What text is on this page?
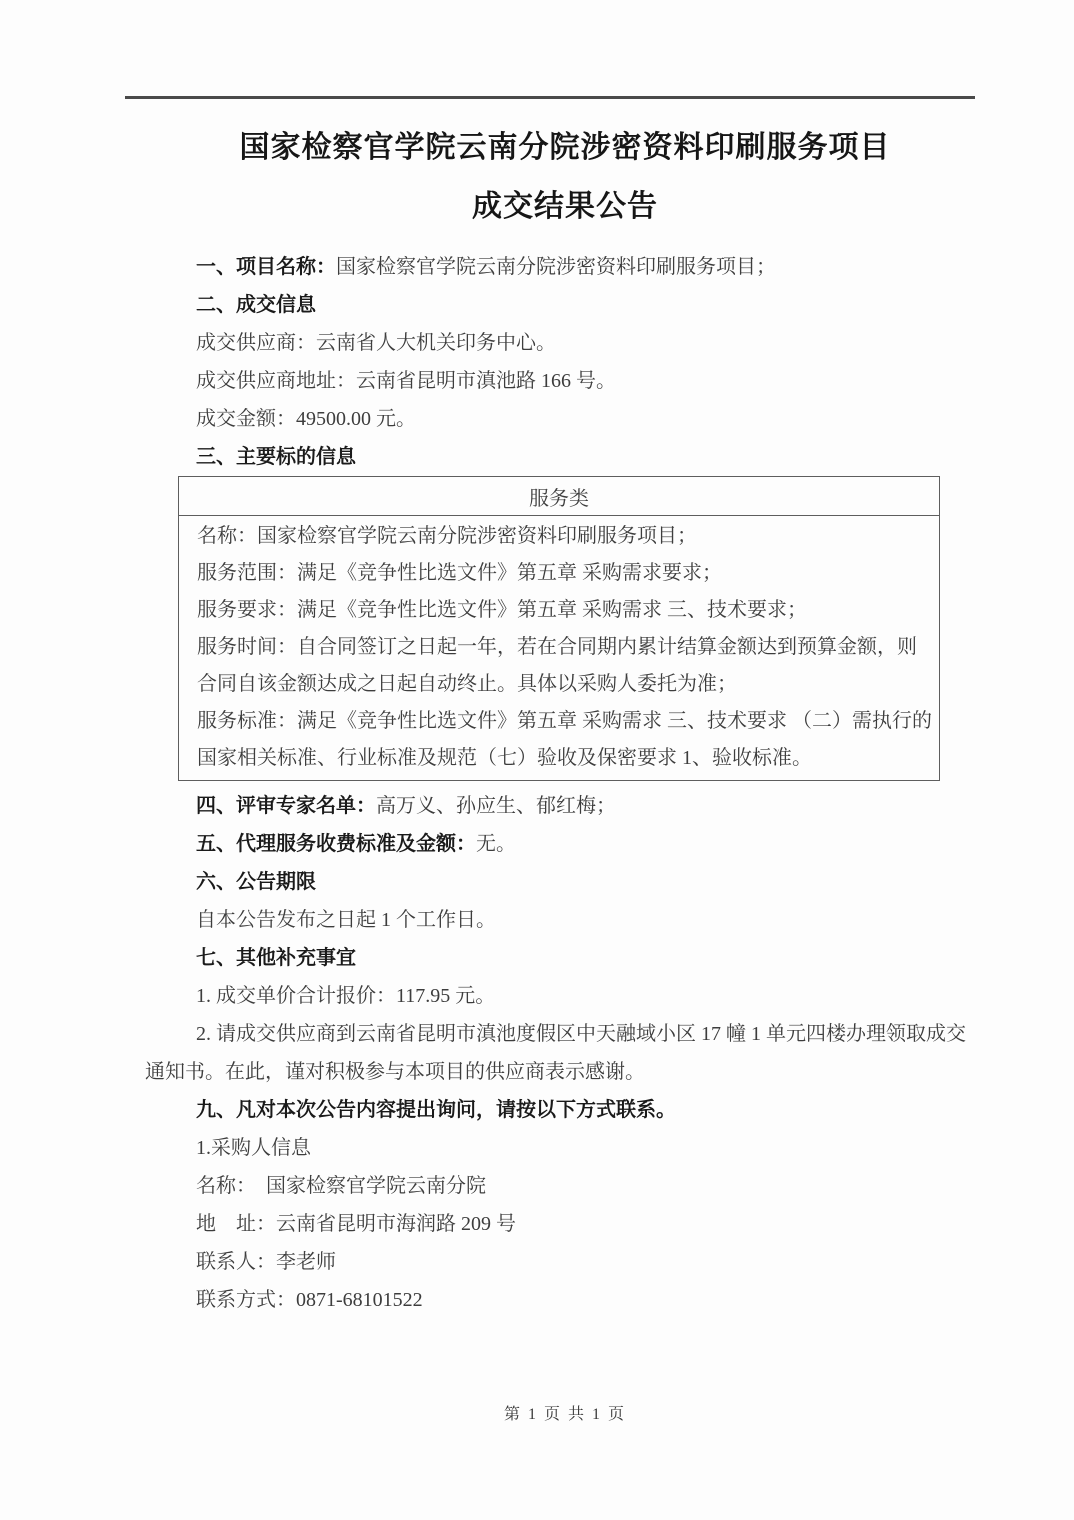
国家检察官学院云南分院涉密资料印刷服务项目
成交结果公告

一、项目名称：国家检察官学院云南分院涉密资料印刷服务项目；

二、成交信息

成交供应商：云南省人大机关印务中心。

成交供应商地址：云南省昆明市滇池路 166 号。

成交金额：49500.00 元。

三、主要标的信息

服务类

名称：国家检察官学院云南分院涉密资料印刷服务项目；

服务范围：满足《竞争性比选文件》第五章 采购需求要求；

服务要求：满足《竞争性比选文件》第五章 采购需求 三、技术要求；

服务时间：自合同签订之日起一年，若在合同期内累计结算金额达到预算金额，则合同自该金额达成之日起自动终止。具体以采购人委托为准；

服务标准：满足《竞争性比选文件》第五章 采购需求 三、技术要求 （二）需执行的国家相关标准、行业标准及规范（七）验收及保密要求 1、验收标准。

四、评审专家名单：高万义、孙应生、郁红梅；

五、代理服务收费标准及金额：无。

六、公告期限

自本公告发布之日起 1 个工作日。

七、其他补充事宜

1. 成交单价合计报价：117.95 元。

2. 请成交供应商到云南省昆明市滇池度假区中天融域小区 17 幢 1 单元四楼办理领取成交通知书。在此，谨对积极参与本项目的供应商表示感谢。

九、凡对本次公告内容提出询问，请按以下方式联系。

1.采购人信息

名称：　国家检察官学院云南分院

地　址：云南省昆明市海润路 209 号

联系人：李老师

联系方式：0871-68101522

第 1 页 共 1 页
